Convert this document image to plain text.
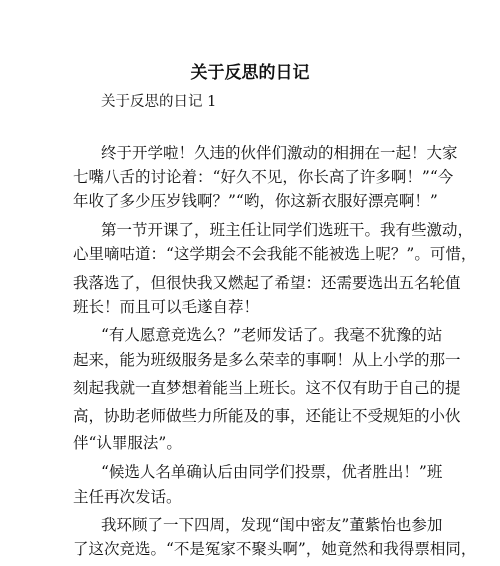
关于反思的日记
关于反思的日记 1
终于开学啦！久违的伙伴们激动的相拥在一起！大家
七嘴八舌的讨论着：“好久不见，你长高了许多啊！”“今
年收了多少压岁钱啊？”“哟，你这新衣服好漂亮啊！”
第一节开课了，班主任让同学们选班干。我有些激动，
心里嘀咕道：“这学期会不会我能不能被选上呢？”。可惜，
我落选了，但很快我又燃起了希望：还需要选出五名轮值
班长！而且可以毛遂自荐！
“有人愿意竞选么？”老师发话了。我毫不犹豫的站
起来，能为班级服务是多么荣幸的事啊！从上小学的那一
刻起我就一直梦想着能当上班长。这不仅有助于自己的提
高，协助老师做些力所能及的事，还能让不受规矩的小伙
伴“认罪服法”。
“候选人名单确认后由同学们投票，优者胜出！”班
主任再次发话。
我环顾了一下四周，发现“闺中密友”董紫怡也参加
了这次竞选。“不是冤家不聚头啊”，她竟然和我得票相同，
